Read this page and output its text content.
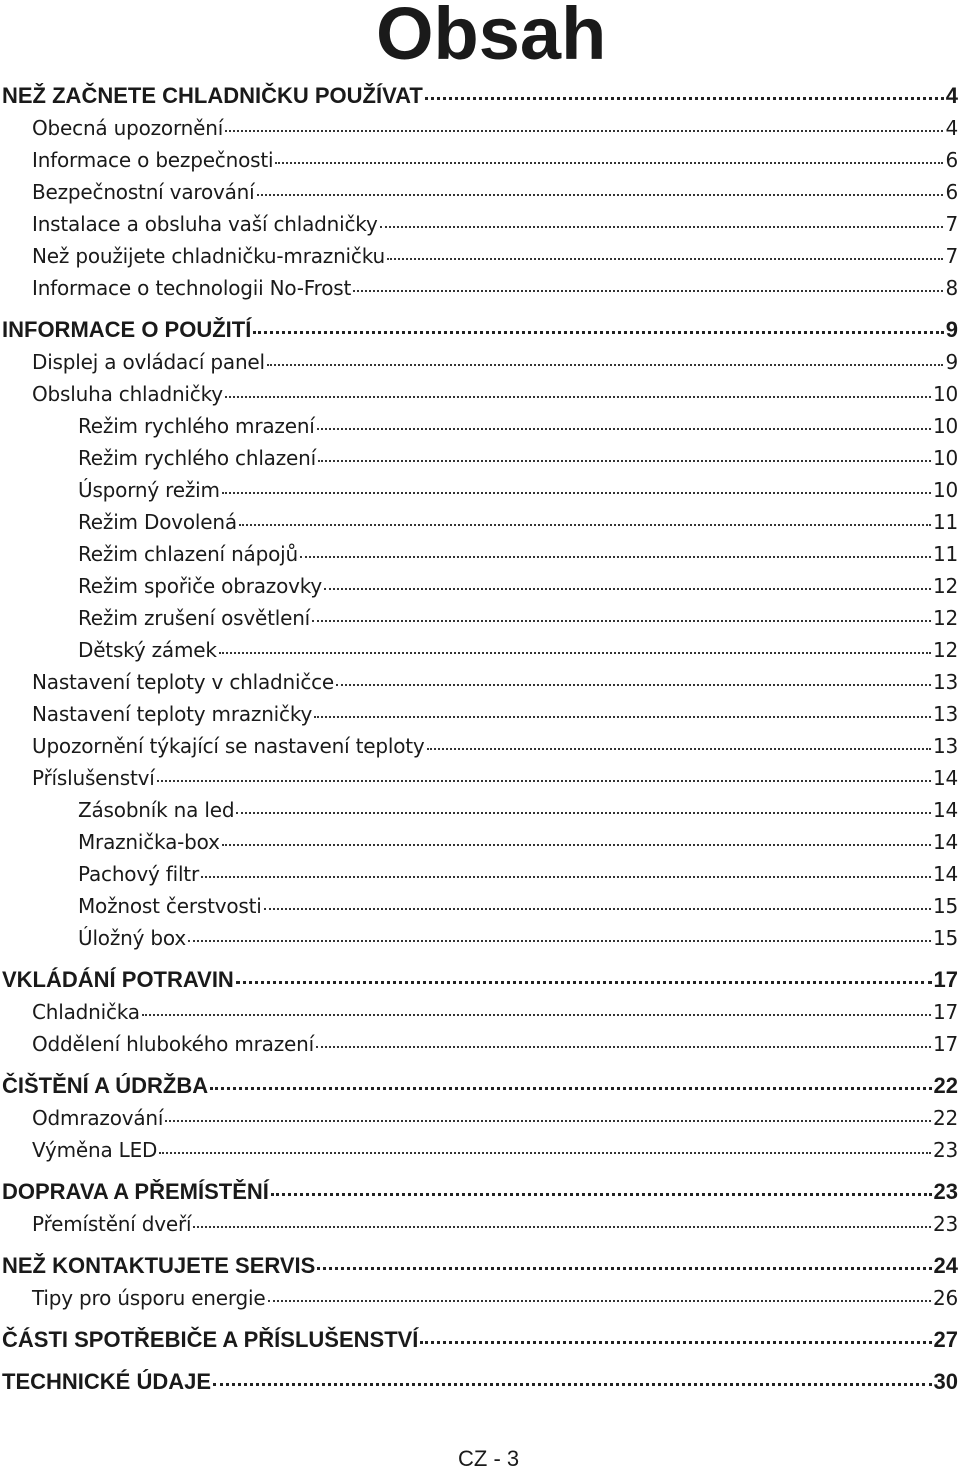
Obsah
NEŽ ZAČNETE CHLADNIČKU POUŽÍVAT	4
Obecná upozornění	4
Informace o bezpečnosti	6
Bezpečnostní varování	6
Instalace a obsluha vaší chladničky	7
Než použijete chladničku-mrazničku	7
Informace o technologii No-Frost	8
INFORMACE O POUŽITÍ	9
Displej a ovládací panel	9
Obsluha chladničky	10
Režim rychlého mrazení	10
Režim rychlého chlazení	10
Úsporný režim	10
Režim Dovolená	11
Režim chlazení nápojů	11
Režim spořiče obrazovky	12
Režim zrušení osvětlení	12
Dětský zámek	12
Nastavení teploty v chladničce	13
Nastavení teploty mrazničky	13
Upozornění týkající se nastavení teploty	13
Příslušenství	14
Zásobník na led	14
Mraznička-box	14
Pachový filtr	14
Možnost čerstvosti	15
Úložný box	15
VKLÁDÁNÍ POTRAVIN	17
Chladnička	17
Oddělení hlubokého mrazení	17
ČIŠTĚNÍ A ÚDRŽBA	22
Odmrazování	22
Výměna LED	23
DOPRAVA A PŘEMÍSTĚNÍ	23
Přemístění dveří	23
NEŽ KONTAKTUJETE SERVIS	24
Tipy pro úsporu energie	26
ČÁSTI SPOTŘEBIČE A PŘÍSLUŠENSTVÍ	27
TECHNICKÉ ÚDAJE	30
CZ - 3
